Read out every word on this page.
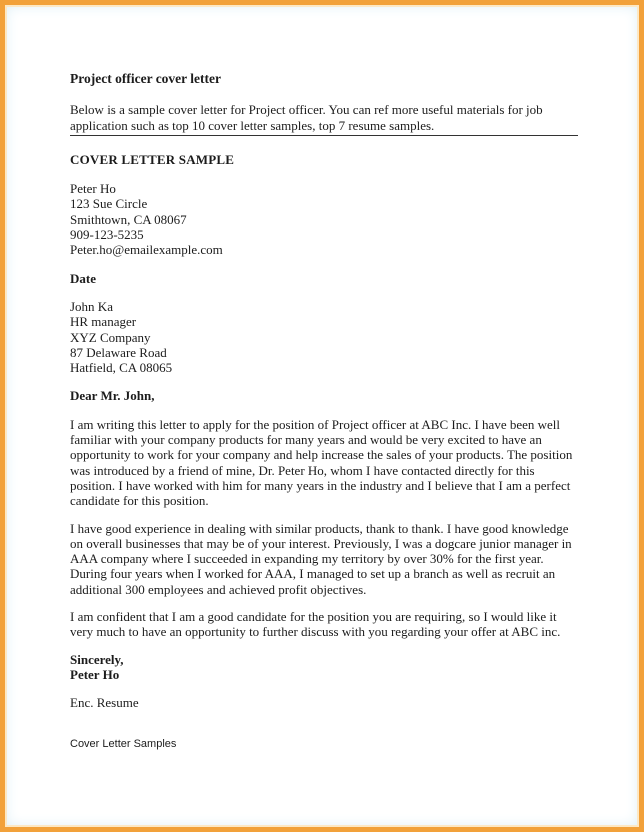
Project officer cover letter

Below is a sample cover letter for Project officer. You can ref more useful materials for job application such as top 10 cover letter samples, top 7 resume samples.

COVER LETTER SAMPLE

Peter Ho

123 Sue Circle

Smithtown, CA 08067

909-123-5235

Peter.ho@emailexample.com

Date

John Ka

HR manager

XYZ Company

87 Delaware Road

Hatfield, CA 08065

Dear Mr. John,

I am writing this letter to apply for the position of Project officer at ABC Inc. I have been well familiar with your company products for many years and would be very excited to have an opportunity to work for your company and help increase the sales of your products. The position was introduced by a friend of mine, Dr. Peter Ho, whom I have contacted directly for this position. I have worked with him for many years in the industry and I believe that I am a perfect candidate for this position.

I have good experience in dealing with similar products, thank to thank. I have good knowledge on overall businesses that may be of your interest. Previously, I was a dogcare junior manager in AAA company where I succeeded in expanding my territory by over 30% for the first year. During four years when I worked for AAA, I managed to set up a branch as well as recruit an additional 300 employees and achieved profit objectives.

I am confident that I am a good candidate for the position you are requiring, so I would like it very much to have an opportunity to further discuss with you regarding your offer at ABC inc.

Sincerely,

Peter Ho

Enc. Resume

Cover Letter Samples
